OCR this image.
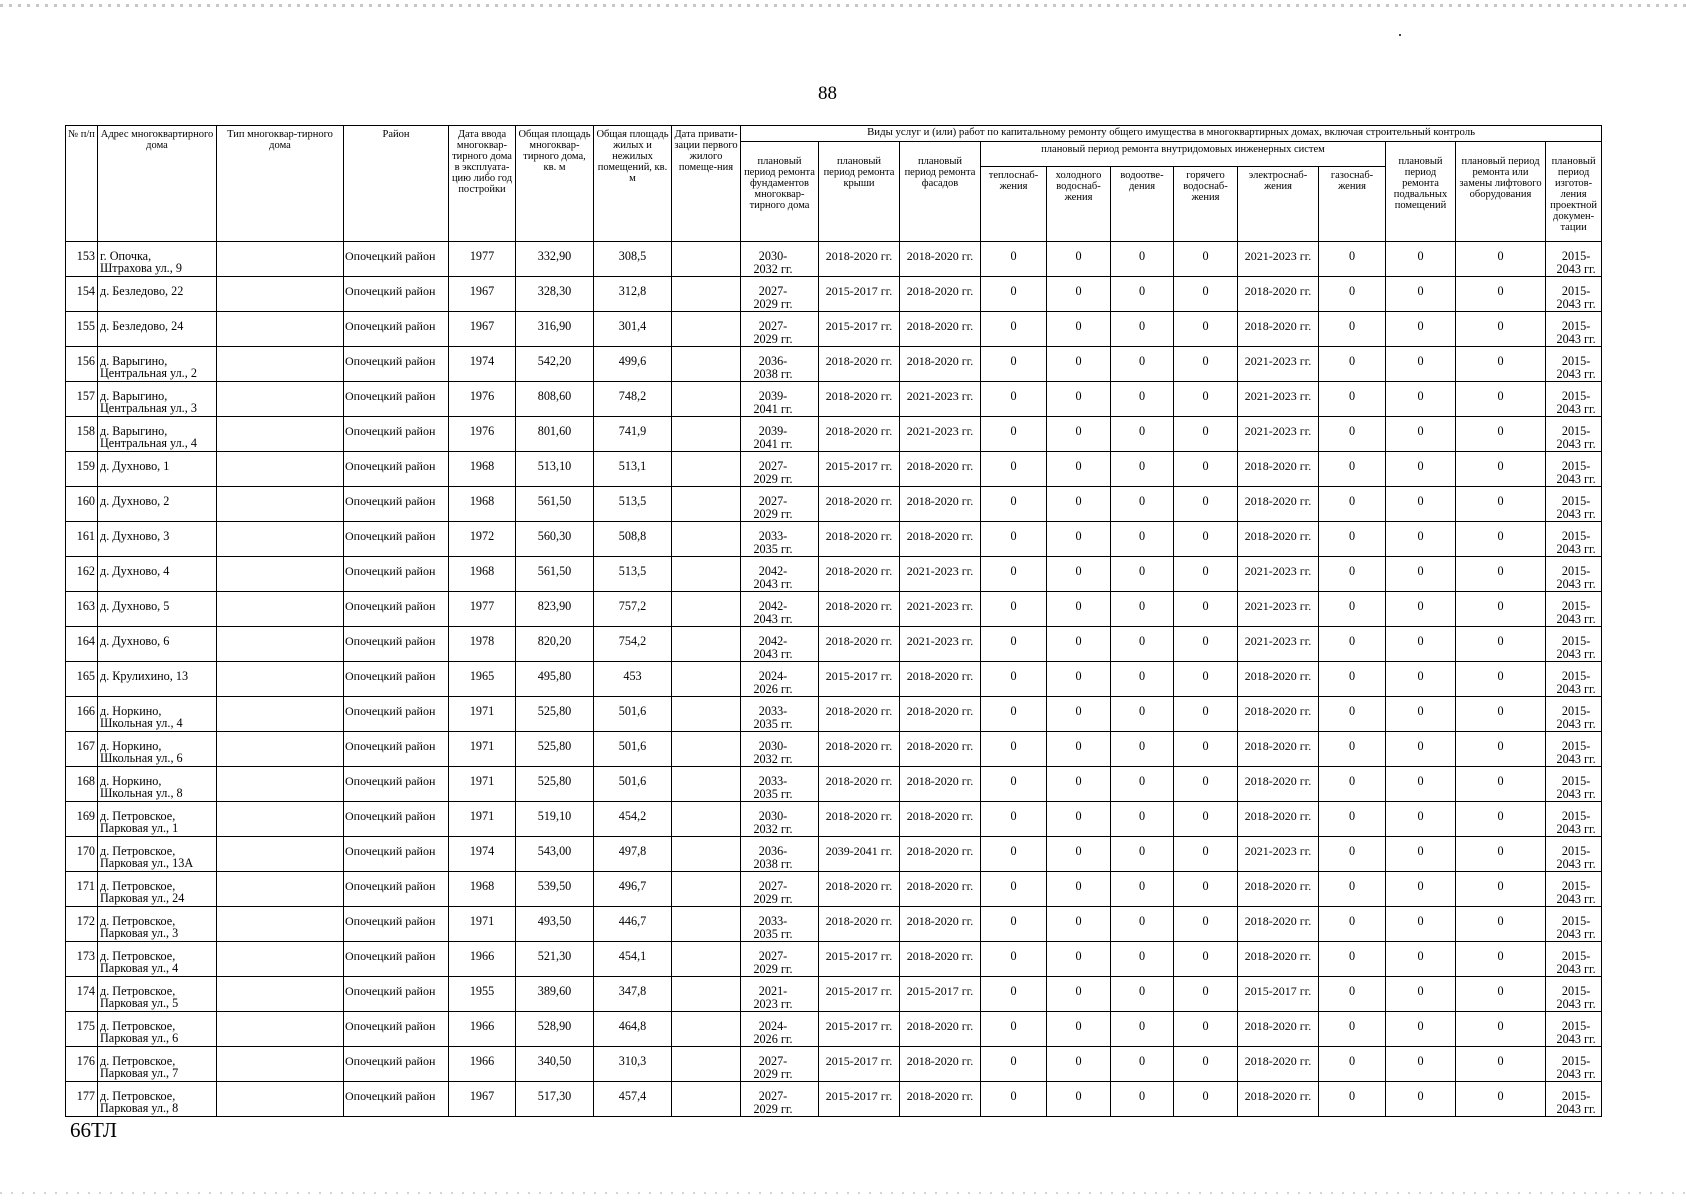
88
№ п/п	Адрес многоквартирного дома	Тип многоквар-тирного дома	Район	Дата ввода многоквар-тирного дома в эксплуата-цию либо год постройки	Общая площадь многоквар-тирного дома, кв. м	Общая площадь жилых и нежилых помещений, кв. м	Дата привати-зации первого жилого помеще-ния	Виды услуг и (или) работ по капитальному ремонту общего имущества в многоквартирных домах, включая строительный контроль											
								плановый период ремонта фундаментов многоквар-тирного дома	плановый период ремонта крыши	плановый период ремонта фасадов	плановый период ремонта внутридомовых инженерных систем						плановый период ремонта подвальных помещений	плановый период ремонта или замены лифтового оборудования	плановый период изготов-ления проектной докумен-тации
											теплоснаб-жения	холодного водоснаб-жения	водоотве-дения	горячего водоснаб-жения	электроснаб-жения	газоснаб-жения			
153	г. Опочка,
Штрахова ул., 9		Опочецкий район	1977	332,90	308,5		2030-
2032 гг.	2018-2020 гг.	2018-2020 гг.	0	0	0	0	2021-2023 гг.	0	0	0	2015-
2043 гг.
154	д. Безледово, 22		Опочецкий район	1967	328,30	312,8		2027-
2029 гг.	2015-2017 гг.	2018-2020 гг.	0	0	0	0	2018-2020 гг.	0	0	0	2015-
2043 гг.
155	д. Безледово, 24		Опочецкий район	1967	316,90	301,4		2027-
2029 гг.	2015-2017 гг.	2018-2020 гг.	0	0	0	0	2018-2020 гг.	0	0	0	2015-
2043 гг.
156	д. Варыгино,
Центральная ул., 2		Опочецкий район	1974	542,20	499,6		2036-
2038 гг.	2018-2020 гг.	2018-2020 гг.	0	0	0	0	2021-2023 гг.	0	0	0	2015-
2043 гг.
157	д. Варыгино,
Центральная ул., 3		Опочецкий район	1976	808,60	748,2		2039-
2041 гг.	2018-2020 гг.	2021-2023 гг.	0	0	0	0	2021-2023 гг.	0	0	0	2015-
2043 гг.
158	д. Варыгино,
Центральная ул., 4		Опочецкий район	1976	801,60	741,9		2039-
2041 гг.	2018-2020 гг.	2021-2023 гг.	0	0	0	0	2021-2023 гг.	0	0	0	2015-
2043 гг.
159	д. Духново, 1		Опочецкий район	1968	513,10	513,1		2027-
2029 гг.	2015-2017 гг.	2018-2020 гг.	0	0	0	0	2018-2020 гг.	0	0	0	2015-
2043 гг.
160	д. Духново, 2		Опочецкий район	1968	561,50	513,5		2027-
2029 гг.	2018-2020 гг.	2018-2020 гг.	0	0	0	0	2018-2020 гг.	0	0	0	2015-
2043 гг.
161	д. Духново, 3		Опочецкий район	1972	560,30	508,8		2033-
2035 гг.	2018-2020 гг.	2018-2020 гг.	0	0	0	0	2018-2020 гг.	0	0	0	2015-
2043 гг.
162	д. Духново, 4		Опочецкий район	1968	561,50	513,5		2042-
2043 гг.	2018-2020 гг.	2021-2023 гг.	0	0	0	0	2021-2023 гг.	0	0	0	2015-
2043 гг.
163	д. Духново, 5		Опочецкий район	1977	823,90	757,2		2042-
2043 гг.	2018-2020 гг.	2021-2023 гг.	0	0	0	0	2021-2023 гг.	0	0	0	2015-
2043 гг.
164	д. Духново, 6		Опочецкий район	1978	820,20	754,2		2042-
2043 гг.	2018-2020 гг.	2021-2023 гг.	0	0	0	0	2021-2023 гг.	0	0	0	2015-
2043 гг.
165	д. Крулихино, 13		Опочецкий район	1965	495,80	453		2024-
2026 гг.	2015-2017 гг.	2018-2020 гг.	0	0	0	0	2018-2020 гг.	0	0	0	2015-
2043 гг.
166	д. Норкино,
Школьная ул., 4		Опочецкий район	1971	525,80	501,6		2033-
2035 гг.	2018-2020 гг.	2018-2020 гг.	0	0	0	0	2018-2020 гг.	0	0	0	2015-
2043 гг.
167	д. Норкино,
Школьная ул., 6		Опочецкий район	1971	525,80	501,6		2030-
2032 гг.	2018-2020 гг.	2018-2020 гг.	0	0	0	0	2018-2020 гг.	0	0	0	2015-
2043 гг.
168	д. Норкино,
Школьная ул., 8		Опочецкий район	1971	525,80	501,6		2033-
2035 гг.	2018-2020 гг.	2018-2020 гг.	0	0	0	0	2018-2020 гг.	0	0	0	2015-
2043 гг.
169	д. Петровское,
Парковая ул., 1		Опочецкий район	1971	519,10	454,2		2030-
2032 гг.	2018-2020 гг.	2018-2020 гг.	0	0	0	0	2018-2020 гг.	0	0	0	2015-
2043 гг.
170	д. Петровское,
Парковая ул., 13А		Опочецкий район	1974	543,00	497,8		2036-
2038 гг.	2039-2041 гг.	2018-2020 гг.	0	0	0	0	2021-2023 гг.	0	0	0	2015-
2043 гг.
171	д. Петровское,
Парковая ул., 24		Опочецкий район	1968	539,50	496,7		2027-
2029 гг.	2018-2020 гг.	2018-2020 гг.	0	0	0	0	2018-2020 гг.	0	0	0	2015-
2043 гг.
172	д. Петровское,
Парковая ул., 3		Опочецкий район	1971	493,50	446,7		2033-
2035 гг.	2018-2020 гг.	2018-2020 гг.	0	0	0	0	2018-2020 гг.	0	0	0	2015-
2043 гг.
173	д. Петровское,
Парковая ул., 4		Опочецкий район	1966	521,30	454,1		2027-
2029 гг.	2015-2017 гг.	2018-2020 гг.	0	0	0	0	2018-2020 гг.	0	0	0	2015-
2043 гг.
174	д. Петровское,
Парковая ул., 5		Опочецкий район	1955	389,60	347,8		2021-
2023 гг.	2015-2017 гг.	2015-2017 гг.	0	0	0	0	2015-2017 гг.	0	0	0	2015-
2043 гг.
175	д. Петровское,
Парковая ул., 6		Опочецкий район	1966	528,90	464,8		2024-
2026 гг.	2015-2017 гг.	2018-2020 гг.	0	0	0	0	2018-2020 гг.	0	0	0	2015-
2043 гг.
176	д. Петровское,
Парковая ул., 7		Опочецкий район	1966	340,50	310,3		2027-
2029 гг.	2015-2017 гг.	2018-2020 гг.	0	0	0	0	2018-2020 гг.	0	0	0	2015-
2043 гг.
177	д. Петровское,
Парковая ул., 8		Опочецкий район	1967	517,30	457,4		2027-
2029 гг.	2015-2017 гг.	2018-2020 гг.	0	0	0	0	2018-2020 гг.	0	0	0	2015-
2043 гг.
66ТЛ
